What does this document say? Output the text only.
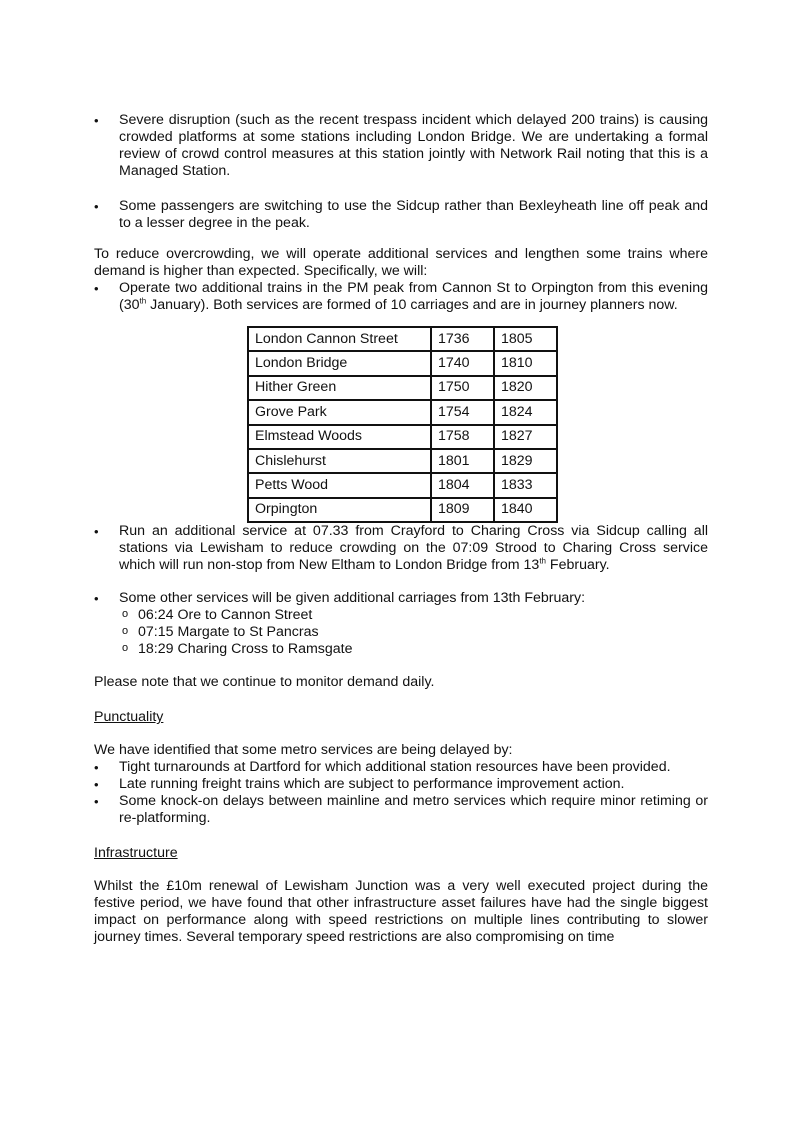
• Severe disruption (such as the recent trespass incident which delayed 200 trains) is causing crowded platforms at some stations including London Bridge. We are undertaking a formal review of crowd control measures at this station jointly with Network Rail noting that this is a Managed Station.
• Some passengers are switching to use the Sidcup rather than Bexleyheath line off peak and to a lesser degree in the peak.

To reduce overcrowding, we will operate additional services and lengthen some trains where demand is higher than expected. Specifically, we will:

• Operate two additional trains in the PM peak from Cannon St to Orpington from this evening (30th January). Both services are formed of 10 carriages and are in journey planners now.
London Cannon Street	1736	1805
London Bridge	1740	1810
Hither Green	1750	1820
Grove Park	1754	1824
Elmstead Woods	1758	1827
Chislehurst	1801	1829
Petts Wood	1804	1833
Orpington	1809	1840
• Run an additional service at 07.33 from Crayford to Charing Cross via Sidcup calling all stations via Lewisham to reduce crowding on the 07:09 Strood to Charing Cross service which will run non-stop from New Eltham to London Bridge from 13th February.
• Some other services will be given additional carriages from 13th February:
o 06:24 Ore to Cannon Street
o 07:15 Margate to St Pancras
o 18:29 Charing Cross to Ramsgate

Please note that we continue to monitor demand daily.

Punctuality

We have identified that some metro services are being delayed by:

• Tight turnarounds at Dartford for which additional station resources have been provided.
• Late running freight trains which are subject to performance improvement action.
• Some knock-on delays between mainline and metro services which require minor retiming or re-platforming.

Infrastructure

Whilst the £10m renewal of Lewisham Junction was a very well executed project during the festive period, we have found that other infrastructure asset failures have had the single biggest impact on performance along with speed restrictions on multiple lines contributing to slower journey times. Several temporary speed restrictions are also compromising on time
